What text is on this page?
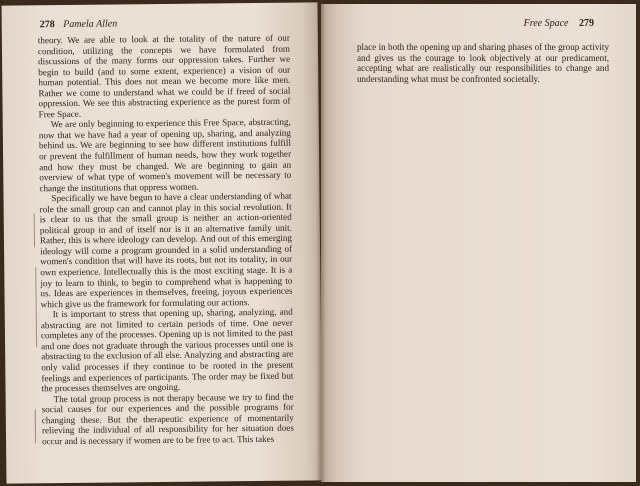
278 Pamela Allen

theory. We are able to look at the totality of the nature of our condition, utilizing the concepts we have formulated from discussions of the many forms our oppression takes. Further we begin to build (and to some extent, experience) a vision of our human potential. This does not mean we become more like men. Rather we come to understand what we could be if freed of social oppression. We see this abstracting experience as the purest form of Free Space.

We are only beginning to experience this Free Space, abstracting, now that we have had a year of opening up, sharing, and analyzing behind us. We are beginning to see how different institutions fulfill or prevent the fulfillment of human needs, how they work together and how they must be changed. We are beginning to gain an overview of what type of women's movement will be necessary to change the institutions that oppress women.

Specifically we have begun to have a clear understanding of what role the small group can and cannot play in this social revolution. It is clear to us that the small group is neither an action-oriented political group in and of itself nor is it an alternative family unit. Rather, this is where ideology can develop. And out of this emerging ideology will come a program grounded in a solid understanding of women's condition that will have its roots, but not its totality, in our own experience. Intellectually this is the most exciting stage. It is a joy to learn to think, to begin to comprehend what is happening to us. Ideas are experiences in themselves, freeing, joyous experiences which give us the framework for formulating our actions.

It is important to stress that opening up, sharing, analyzing, and abstracting are not limited to certain periods of time. One never completes any of the processes. Opening up is not limited to the past and one does not graduate through the various processes until one is abstracting to the exclusion of all else. Analyzing and abstracting are only valid processes if they continue to be rooted in the present feelings and experiences of participants. The order may be fixed but the processes themselves are ongoing.

The total group process is not therapy because we try to find the social causes for our experiences and the possible programs for changing these. But the therapeutic experience of momentarily relieving the individual of all responsibility for her situation does occur and is necessary if women are to be free to act. This takes

Free Space 279

place in both the opening up and sharing phases of the group activity and gives us the courage to look objectively at our predicament, accepting what are realistically our responsibilities to change and understanding what must be confronted societally.
